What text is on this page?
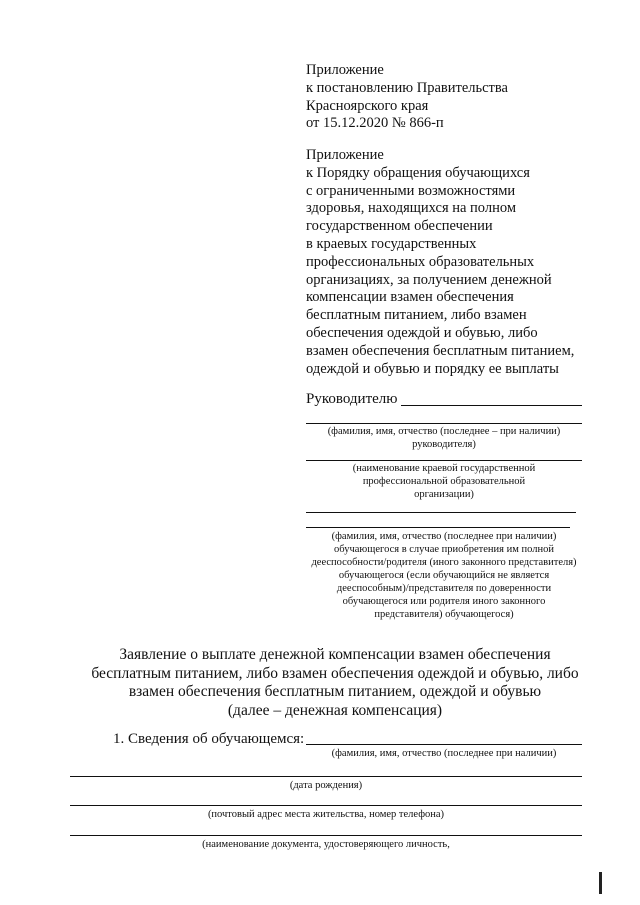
Приложение
к постановлению Правительства
Красноярского края
от 15.12.2020 № 866-п
Приложение
к Порядку обращения обучающихся
с ограниченными возможностями
здоровья, находящихся на полном
государственном обеспечении
в краевых государственных
профессиональных образовательных
организациях, за получением денежной
компенсации взамен обеспечения
бесплатным питанием, либо взамен
обеспечения одеждой и обувью, либо
взамен обеспечения бесплатным питанием,
одеждой и обувью и порядку ее выплаты
Руководителю
(фамилия, имя, отчество (последнее – при наличии)
руководителя)
(наименование краевой государственной
профессиональной образовательной
организации)
(фамилия, имя, отчество (последнее при наличии)
обучающегося в случае приобретения им полной
дееспособности/родителя (иного законного представителя)
обучающегося (если обучающийся не является
дееспособным)/представителя по доверенности
обучающегося или родителя иного законного
представителя) обучающегося)
Заявление о выплате денежной компенсации взамен обеспечения
бесплатным питанием, либо взамен обеспечения одеждой и обувью, либо
взамен обеспечения бесплатным питанием, одеждой и обувью
(далее – денежная компенсация)
1. Сведения об обучающемся:
(фамилия, имя, отчество (последнее при наличии)
(дата рождения)
(почтовый адрес места жительства, номер телефона)
(наименование документа, удостоверяющего личность,
